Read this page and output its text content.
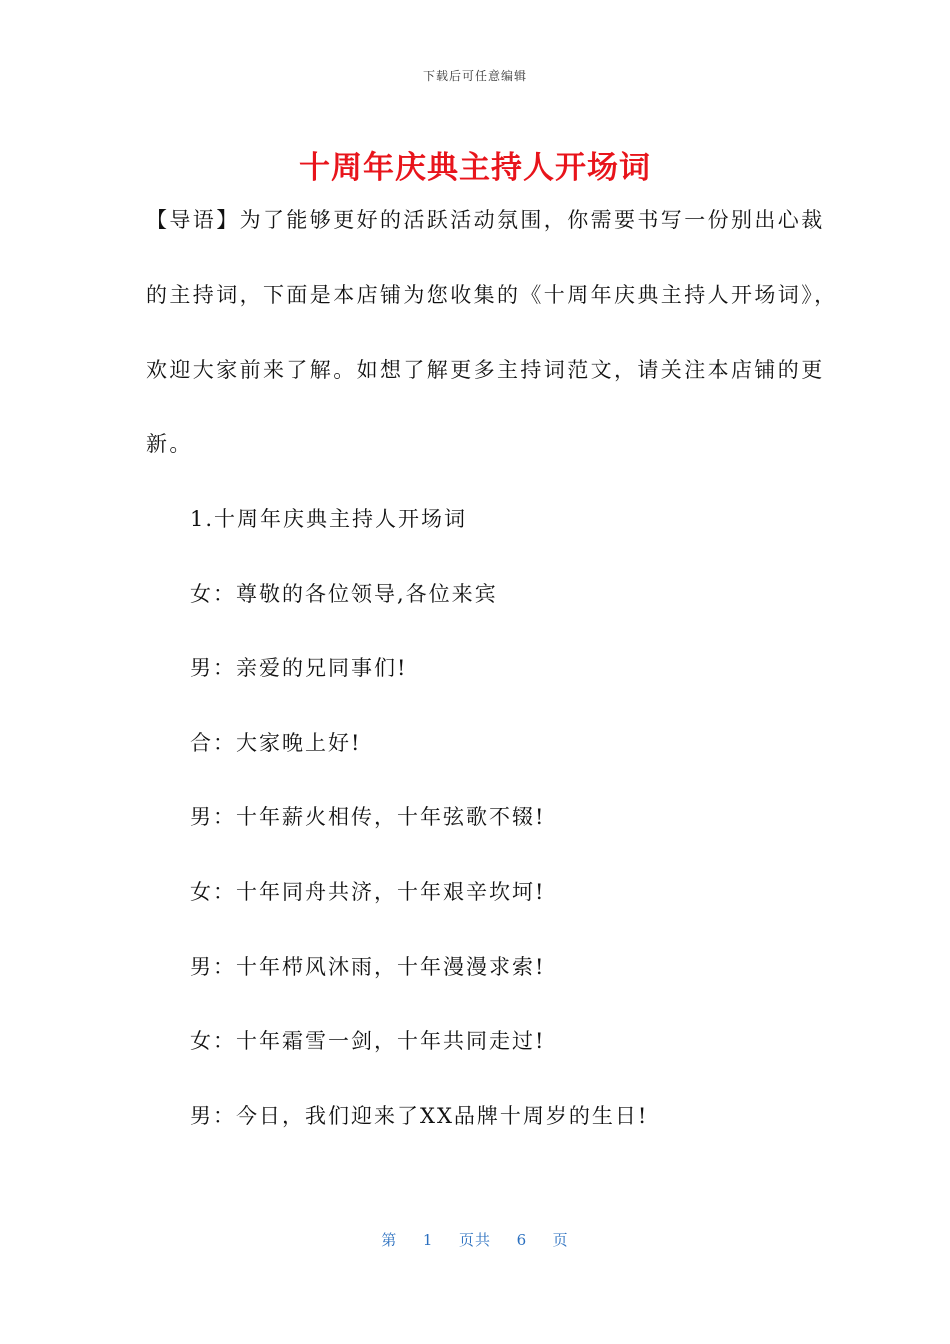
下载后可任意编辑
十周年庆典主持人开场词
【导语】为了能够更好的活跃活动氛围，你需要书写一份别出心裁
的主持词，下面是本店铺为您收集的《十周年庆典主持人开场词》，
欢迎大家前来了解。如想了解更多主持词范文，请关注本店铺的更
新。
1.十周年庆典主持人开场词
女：尊敬的各位领导,各位来宾
男：亲爱的兄同事们!
合：大家晚上好!
男：十年薪火相传，十年弦歌不辍!
女：十年同舟共济，十年艰辛坎坷!
男：十年栉风沐雨，十年漫漫求索!
女：十年霜雪一剑，十年共同走过!
男：今日，我们迎来了XX品牌十周岁的生日!
第 1 页共 6 页
